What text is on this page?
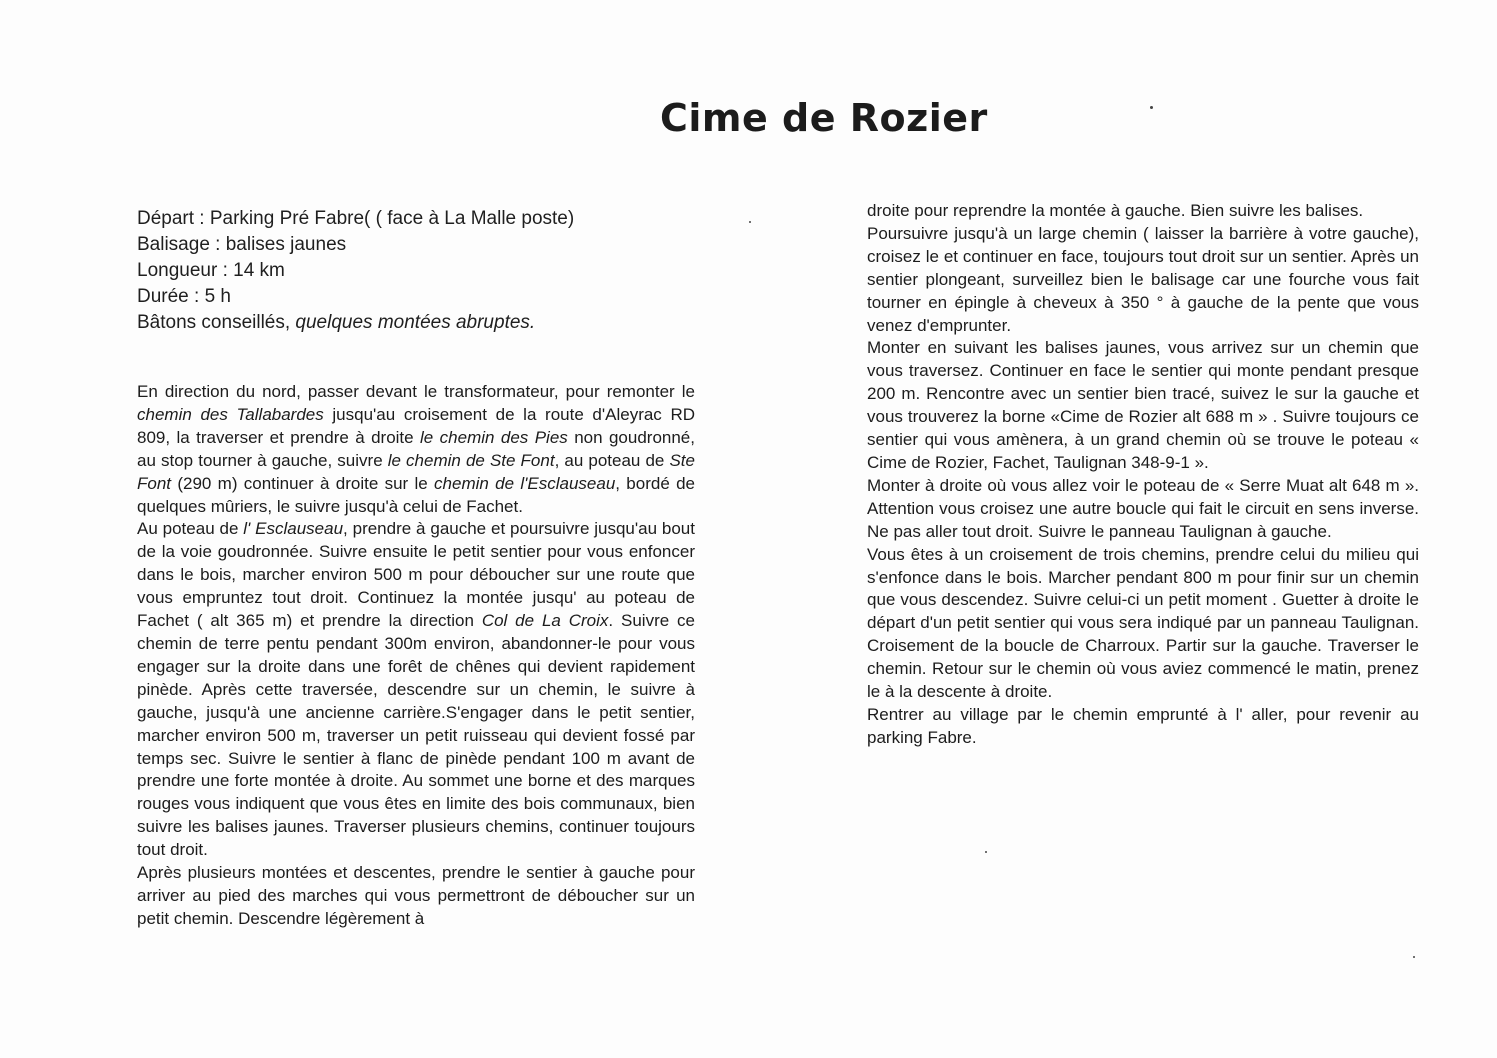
Cime de Rozier
Départ : Parking Pré Fabre( ( face à La Malle poste)
Balisage : balises jaunes
Longueur : 14 km
Durée : 5 h
Bâtons conseillés, quelques montées abruptes.

En direction du nord, passer devant le transformateur, pour remonter le chemin des Tallabardes jusqu'au croisement de la route d'Aleyrac RD 809, la traverser et prendre à droite le chemin des Pies non goudronné, au stop tourner à gauche, suivre le chemin de Ste Font, au poteau de Ste Font (290 m) continuer à droite sur le chemin de l'Esclauseau, bordé de quelques mûriers, le suivre jusqu'à celui de Fachet.

Au poteau de l' Esclauseau, prendre à gauche et poursuivre jusqu'au bout de la voie goudronnée. Suivre ensuite le petit sentier pour vous enfoncer dans le bois, marcher environ 500 m pour déboucher sur une route que vous empruntez tout droit. Continuez la montée jusqu' au poteau de Fachet ( alt 365 m) et prendre la direction Col de La Croix. Suivre ce chemin de terre pentu pendant 300m environ, abandonner-le pour vous engager sur la droite dans une forêt de chênes qui devient rapidement pinède. Après cette traversée, descendre sur un chemin, le suivre à gauche, jusqu'à une ancienne carrière.S'engager dans le petit sentier, marcher environ 500 m, traverser un petit ruisseau qui devient fossé par temps sec. Suivre le sentier à flanc de pinède pendant 100 m avant de prendre une forte montée à droite. Au sommet une borne et des marques rouges vous indiquent que vous êtes en limite des bois communaux, bien suivre les balises jaunes. Traverser plusieurs chemins, continuer toujours tout droit.

Après plusieurs montées et descentes, prendre le sentier à gauche pour arriver au pied des marches qui vous permettront de déboucher sur un petit chemin. Descendre légèrement à

droite pour reprendre la montée à gauche. Bien suivre les balises.

Poursuivre jusqu'à un large chemin ( laisser la barrière à votre gauche), croisez le et continuer en face, toujours tout droit sur un sentier. Après un sentier plongeant, surveillez bien le balisage car une fourche vous fait tourner en épingle à cheveux à 350 ° à gauche de la pente que vous venez d'emprunter.

Monter en suivant les balises jaunes, vous arrivez sur un chemin que vous traversez. Continuer en face le sentier qui monte pendant presque 200 m. Rencontre avec un sentier bien tracé, suivez le sur la gauche et vous trouverez la borne «Cime de Rozier alt 688 m » . Suivre toujours ce sentier qui vous amènera, à un grand chemin où se trouve le poteau « Cime de Rozier, Fachet, Taulignan 348-9-1 ».

Monter à droite où vous allez voir le poteau de « Serre Muat alt 648 m ». Attention vous croisez une autre boucle qui fait le circuit en sens inverse. Ne pas aller tout droit. Suivre le panneau Taulignan à gauche.

Vous êtes à un croisement de trois chemins, prendre celui du milieu qui s'enfonce dans le bois. Marcher pendant 800 m pour finir sur un chemin que vous descendez. Suivre celui-ci un petit moment . Guetter à droite le départ d'un petit sentier qui vous sera indiqué par un panneau Taulignan. Croisement de la boucle de Charroux. Partir sur la gauche. Traverser le chemin. Retour sur le chemin où vous aviez commencé le matin, prenez le à la descente à droite.

Rentrer au village par le chemin emprunté à l' aller, pour revenir au parking Fabre.
